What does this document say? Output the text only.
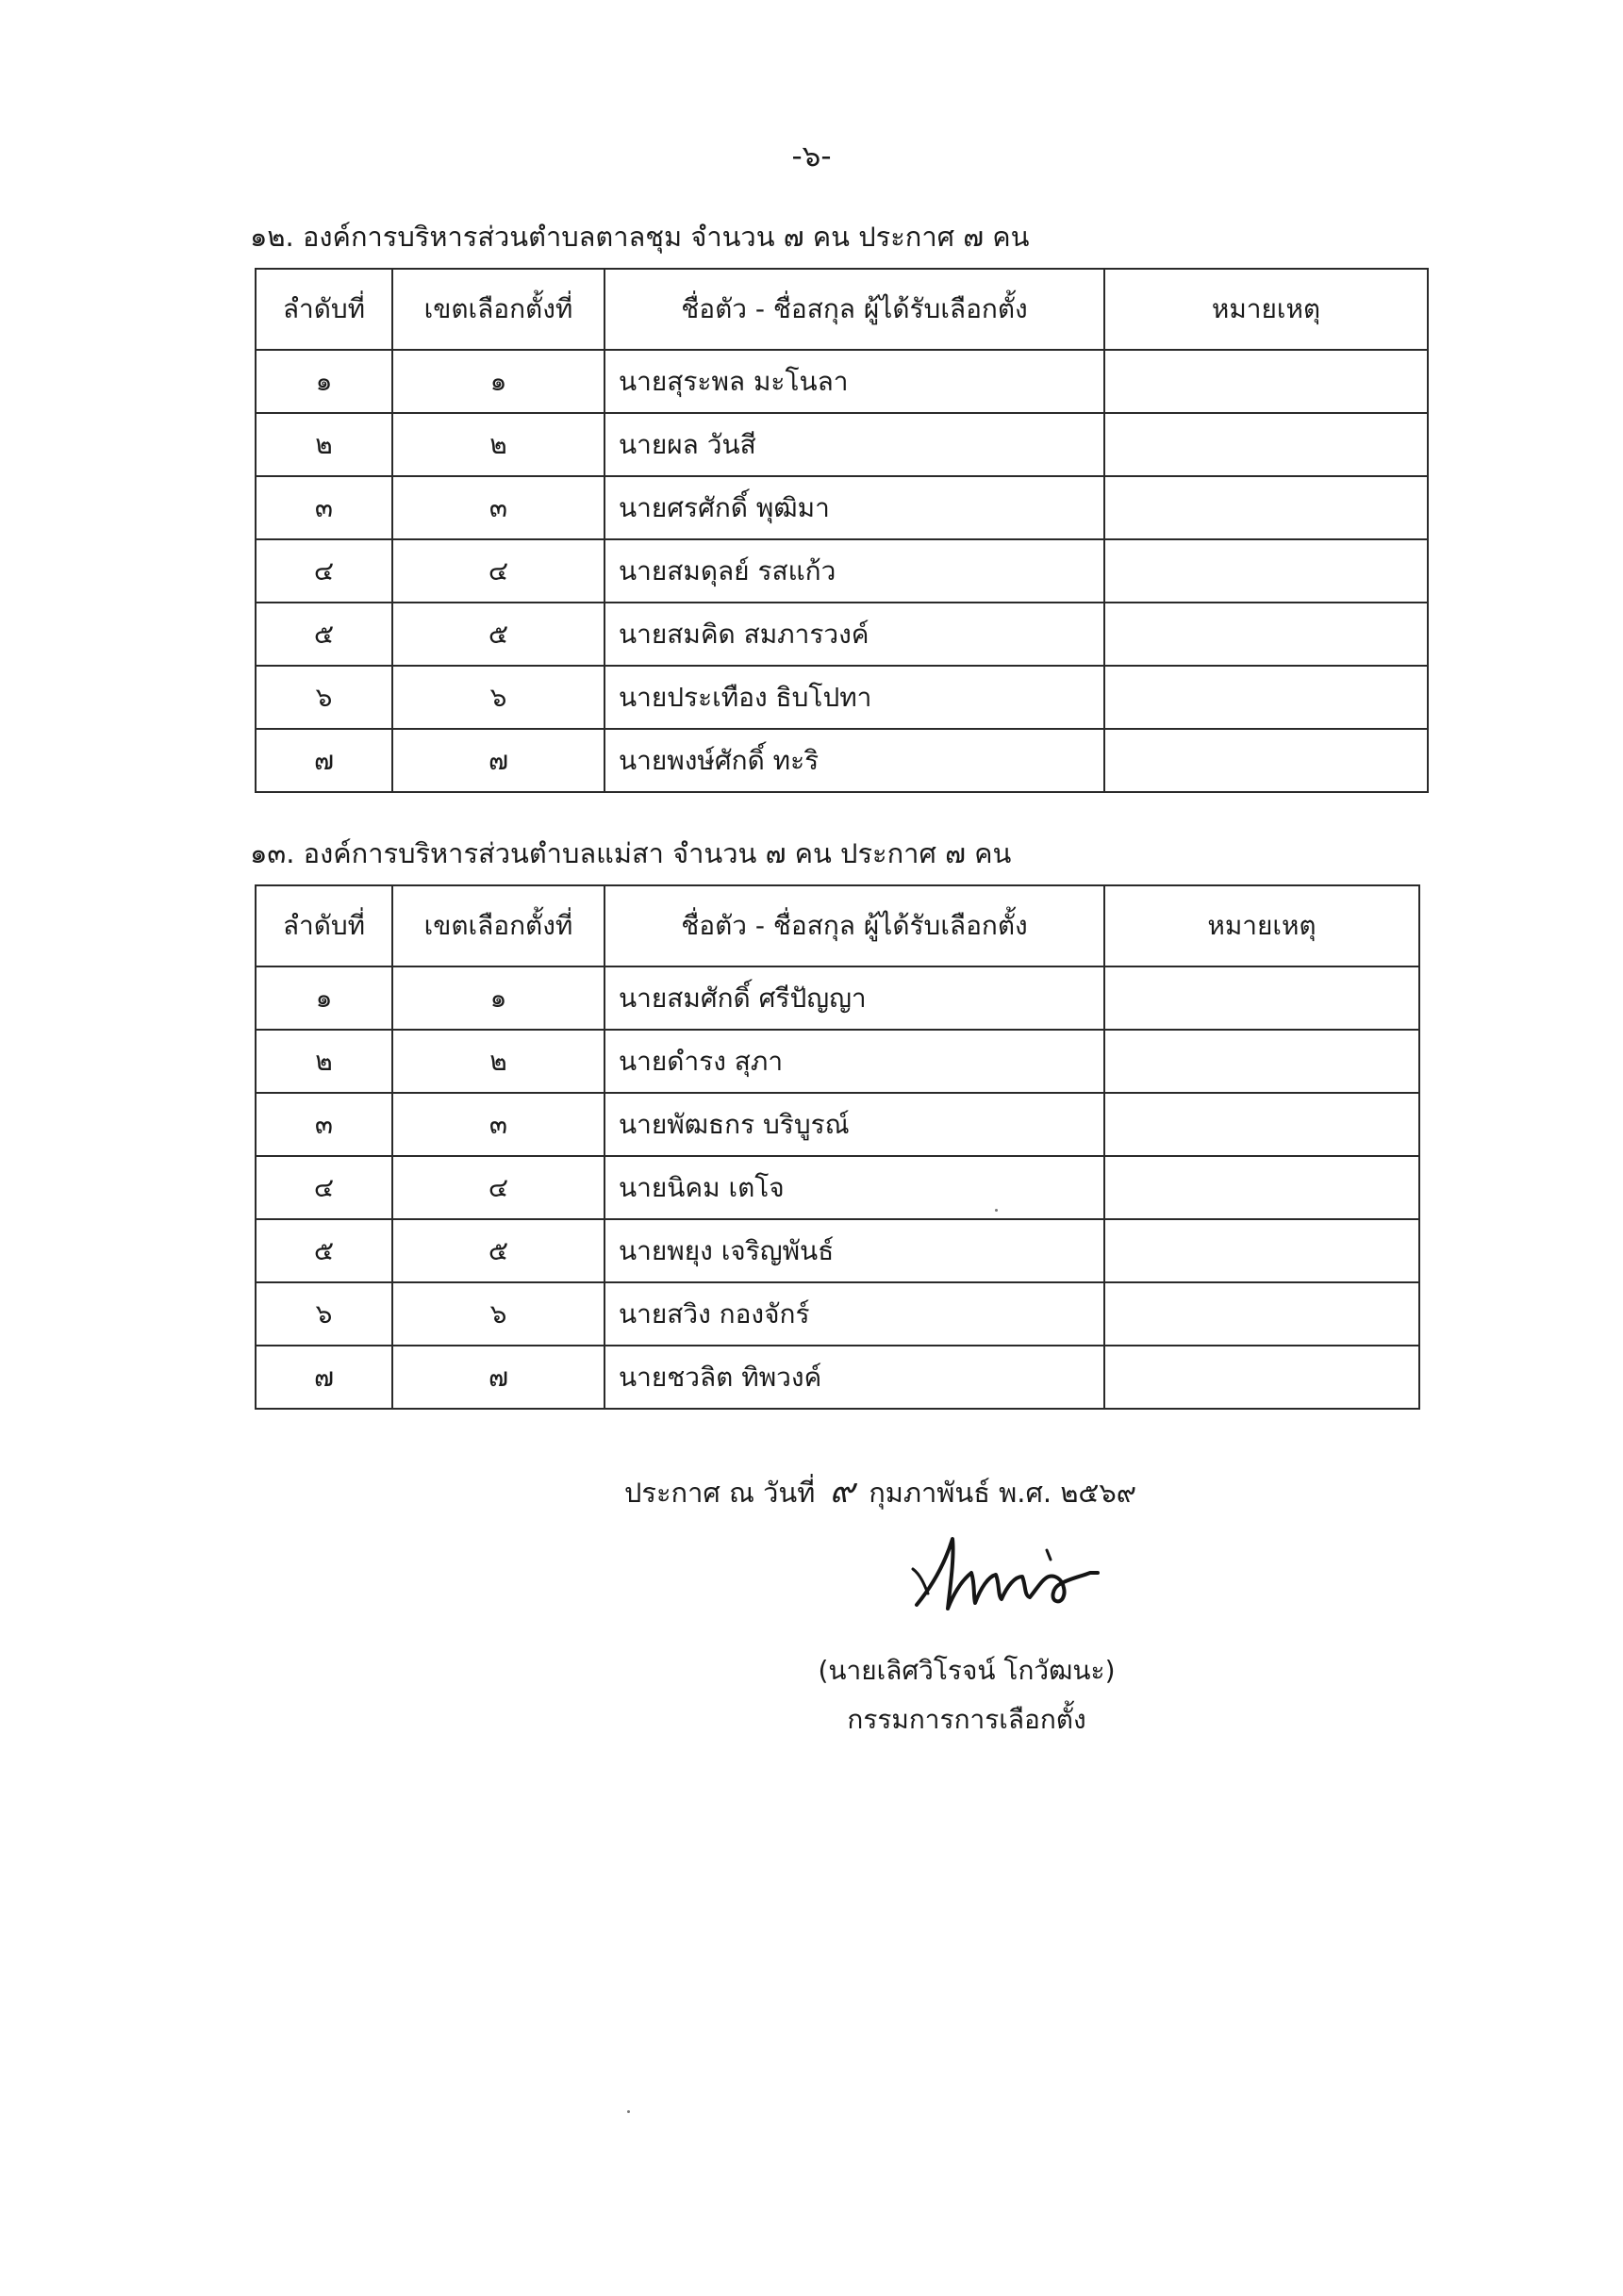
-๖-
๑๒. องค์การบริหารส่วนตำบลตาลชุม จำนวน ๗ คน ประกาศ ๗ คน
ลำดับที่	เขตเลือกตั้งที่	ชื่อตัว - ชื่อสกุล ผู้ได้รับเลือกตั้ง	หมายเหตุ
๑	๑	นายสุระพล มะโนลา	
๒	๒	นายผล วันสี	
๓	๓	นายศรศักดิ์ พุฒิมา	
๔	๔	นายสมดุลย์ รสแก้ว	
๕	๕	นายสมคิด สมภารวงค์	
๖	๖	นายประเทือง ธิบโปทา	
๗	๗	นายพงษ์ศักดิ์ ทะริ	
๑๓. องค์การบริหารส่วนตำบลแม่สา จำนวน ๗ คน ประกาศ ๗ คน
ลำดับที่	เขตเลือกตั้งที่	ชื่อตัว - ชื่อสกุล ผู้ได้รับเลือกตั้ง	หมายเหตุ
๑	๑	นายสมศักดิ์ ศรีปัญญา	
๒	๒	นายดำรง สุภา	
๓	๓	นายพัฒธกร บริบูรณ์	
๔	๔	นายนิคม เตโจ	
๕	๕	นายพยุง เจริญพันธ์	
๖	๖	นายสวิง กองจักร์	
๗	๗	นายชวลิต ทิพวงค์	
ประกาศ ณ วันที่ ๙ กุมภาพันธ์ พ.ศ. ๒๕๖๙
(นายเลิศวิโรจน์ โกวัฒนะ)
กรรมการการเลือกตั้ง
